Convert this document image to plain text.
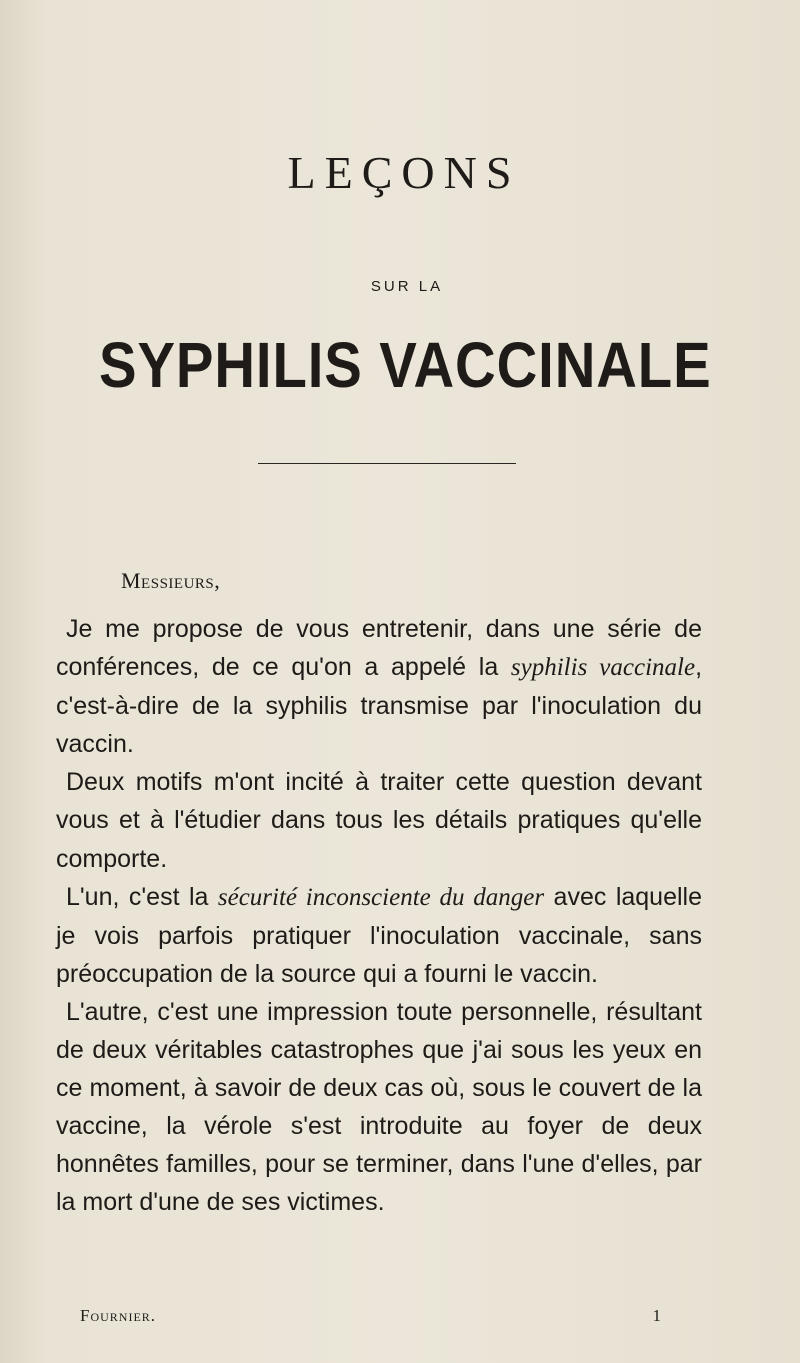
LEÇONS
SUR LA
SYPHILIS VACCINALE
Messieurs,

Je me propose de vous entretenir, dans une série de conférences, de ce qu'on a appelé la syphilis vaccinale, c'est-à-dire de la syphilis transmise par l'inoculation du vaccin.

Deux motifs m'ont incité à traiter cette question devant vous et à l'étudier dans tous les détails pratiques qu'elle comporte.

L'un, c'est la sécurité inconsciente du danger avec laquelle je vois parfois pratiquer l'inoculation vaccinale, sans préoccupation de la source qui a fourni le vaccin.

L'autre, c'est une impression toute personnelle, résultant de deux véritables catastrophes que j'ai sous les yeux en ce moment, à savoir de deux cas où, sous le couvert de la vaccine, la vérole s'est introduite au foyer de deux honnêtes familles, pour se terminer, dans l'une d'elles, par la mort d'une de ses victimes.

Fournier.	1
